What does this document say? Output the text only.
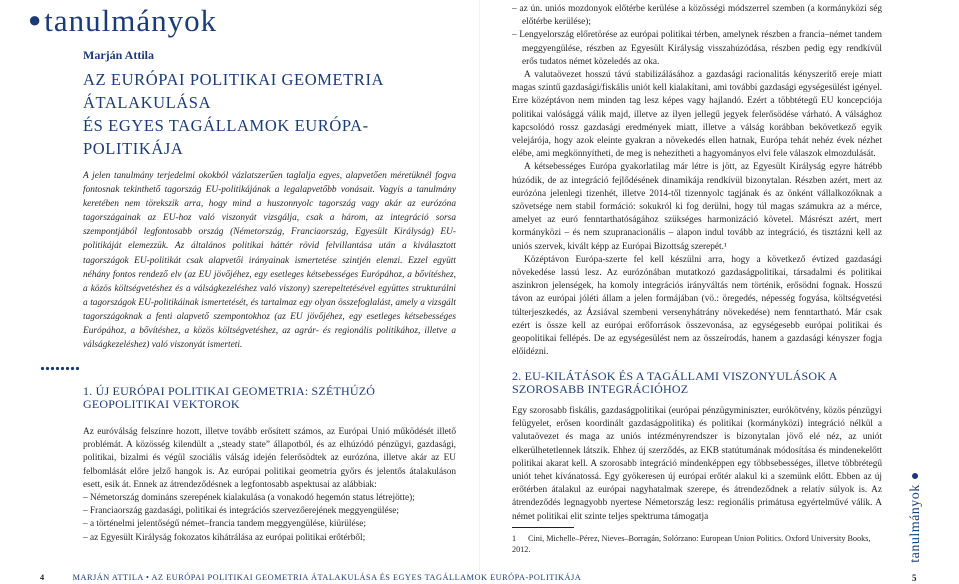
●tanulmányok
Marján Attila
AZ EURÓPAI POLITIKAI GEOMETRIA ÁTALAKULÁSA
ÉS EGYES TAGÁLLAMOK EURÓPA-POLITIKÁJA

A jelen tanulmány terjedelmi okokból vázlatszerűen taglalja egyes, alapvetően méretüknél fogva fontosnak tekinthető tagország EU-politikájának a legalapvetőbb vonásait. Vagyis a tanulmány keretében nem törekszik arra, hogy mind a huszonnyolc tagország vagy akár az eurózóna tagországainak az EU-hoz való viszonyát vizsgálja, csak a három, az integráció sorsa szempontjából legfontosabb ország (Németország, Franciaország, Egyesült Királyság) EU-politikáját elemezzük. Az általános politikai háttér rövid felvillantása után a kiválasztott tagországok EU-politikát csak alapvetői irányainak ismertetése szintjén elemzi. Ezzel együtt néhány fontos rendező elv (az EU jövőjéhez, egy esetleges kétsebességes Európához, a bővítéshez, a közös költségvetéshez és a válságkezeléshez való viszony) szerepeltetésével együttes strukturálni a tagországok EU-politikáinak ismertetését, és tartalmaz egy olyan összefoglalást, amely a vizsgált tagországoknak a fenti alapvető szempontokhoz (az EU jövőjéhez, egy esetleges kétsebességes Európához, a bővítéshez, a közös költségvetéshez, az agrár- és regionális politikához, illetve a válságkezeléshez) való viszonyát ismerteti.

1. ÚJ EURÓPAI POLITIKAI GEOMETRIA: SZÉTHÚZÓ GEOPOLITIKAI VEKTOROK

Az euróválság felszínre hozott, illetve tovább erősített számos, az Európai Unió működését illető problémát. A közösség kilendült a „steady state” állapotból, és az elhúzódó pénzügyi, gazdasági, politikai, bizalmi és végül szociális válság idején felerősödtek az eurózóna, illetve akár az EU felbomlását előre jelző hangok is. Az európai politikai geometria győrs és jelentős átalakuláson esett, esik át. Ennek az átrendeződésnek a legfontosabb aspektusai az alábbiak:

– Németország domináns szerepének kialakulása (a vonakodó hegemón status létrejötte);
– Franciaország gazdasági, politikai és integrációs szervezőerejének meggyengülése;
– a történelmi jelentőségű német–francia tandem meggyengülése, kiürülése;
– az Egyesült Királyság fokozatos kihátrálása az európai politikai erőtérből;
4	MARJÁN ATTILA • AZ EURÓPAI POLITIKAI GEOMETRIA ÁTALAKULÁSA ÉS EGYES TAGÁLLAMOK EURÓPA-POLITIKÁJA
– az ún. uniós mozdonyok előtérbe kerülése a közösségi módszerrel szemben (a kormányközi ség előtérbe kerülése);
– Lengyelország előretörése az európai politikai térben, amelynek részben a francia–német tandem meggyengülése, részben az Egyesült Királyság visszahúzódása, részben pedig egy rendkívül erős tudatos német közeledés az oka.

A valutaövezet hosszú távú stabilizálásához a gazdasági racionalitás kényszerítő ereje miatt magas szintű gazdasági/fiskális uniót kell kialakítani, ami további gazdasági egységesülést igényel. Erre középtávon nem minden tag lesz képes vagy hajlandó. Ezért a többtétegű EU koncepciója politikai valósággá válik majd, illetve az ilyen jellegű jegyek felerősödése várható. A válsághoz kapcsolódó rossz gazdasági eredmények miatt, illetve a válság korábban bekövetkező egyik velejárója, hogy azok eleinte gyakran a növekedés ellen hatnak, Európa tehát nehéz évek nézhet elébe, ami megkönnyítheti, de meg is nehezítheti a hagyományos elvi fele válaszok elmozdulását.

A kétsebességes Európa gyakorlatilag már létre is jött, az Egyesült Királyság egyre hátrébb húzódik, de az integráció fejlődésének dinamikája rendkívül bizonytalan. Részben azért, mert az eurózóna jelenlegi tizenhét, illetve 2014-től tizennyolc tagjának és az önként vállalkozóknak a szövetsége nem stabil formáció: sokukról ki fog derülni, hogy túl magas számukra az a mérce, amelyet az euró fenntarthatóságához szükséges harmonizáció követel. Másrészt azért, mert kormányközi – és nem szupranacionális – alapon indul tovább az integráció, és tisztázni kell az uniós szervek, kivált képp az Európai Bizottság szerepét.¹

Középtávon Európa-szerte fel kell készülni arra, hogy a következő évtized gazdasági növekedése lassú lesz. Az eurózónában mutatkozó gazdaságpolitikai, társadalmi és politikai aszinkron jelenségek, ha komoly integrációs irányváltás nem történik, erősödni fognak. Hosszú távon az európai jóléti állam a jelen formájában (vö.: öregedés, népesség fogyása, költségvetési túlterjeszkedés, az Ázsiával szembeni versenyhátrány növekedése) nem fenntartható. Már csak ezért is össze kell az európai erőforrások összevonása, az egységesebb európai politikai és geopolitikai fellépés. De az egységesülést nem az összeírodás, hanem a gazdasági kényszer fogja előidézni.

2. EU-KILÁTÁSOK ÉS A TAGÁLLAMI VISZONYULÁSOK A SZOROSABB INTEGRÁCIÓHOZ

Egy szorosabb fiskális, gazdaságpolitikai (európai pénzügyminiszter, eurókötvény, közös pénzügyi felügyelet, erősen koordinált gazdaságpolitika) és politikai (kormányközi) integráció nélkül a valutaövezet és maga az uniós intézményrendszer is bizonytalan jövő elé néz, az uniót elkerülhetetlennek látszik. Ehhez új szerződés, az EKB statútumának módosítása és mindenekelőtt politikai akarat kell. A szorosabb integráció mindenképpen egy többsebességes, illetve többrétegű uniót tehet kívánatossá. Egy gyökeresen új európai erőtér alakul ki a szemünk előtt. Ebben az új erőtérben átalakul az európai nagyhatalmak szerepe, és átrendeződnek a relatív súlyok is. Az átrendeződés legnagyobb nyertese Németország lesz: regionális primátusa egyértelművé válik. A német politikai elit szinte teljes spektruma támogatja

1 Cini, Michelle–Pérez, Nieves–Borragán, Solórzano: European Union Politics. Oxford University Books, 2012.	tanulmányok ●
5
